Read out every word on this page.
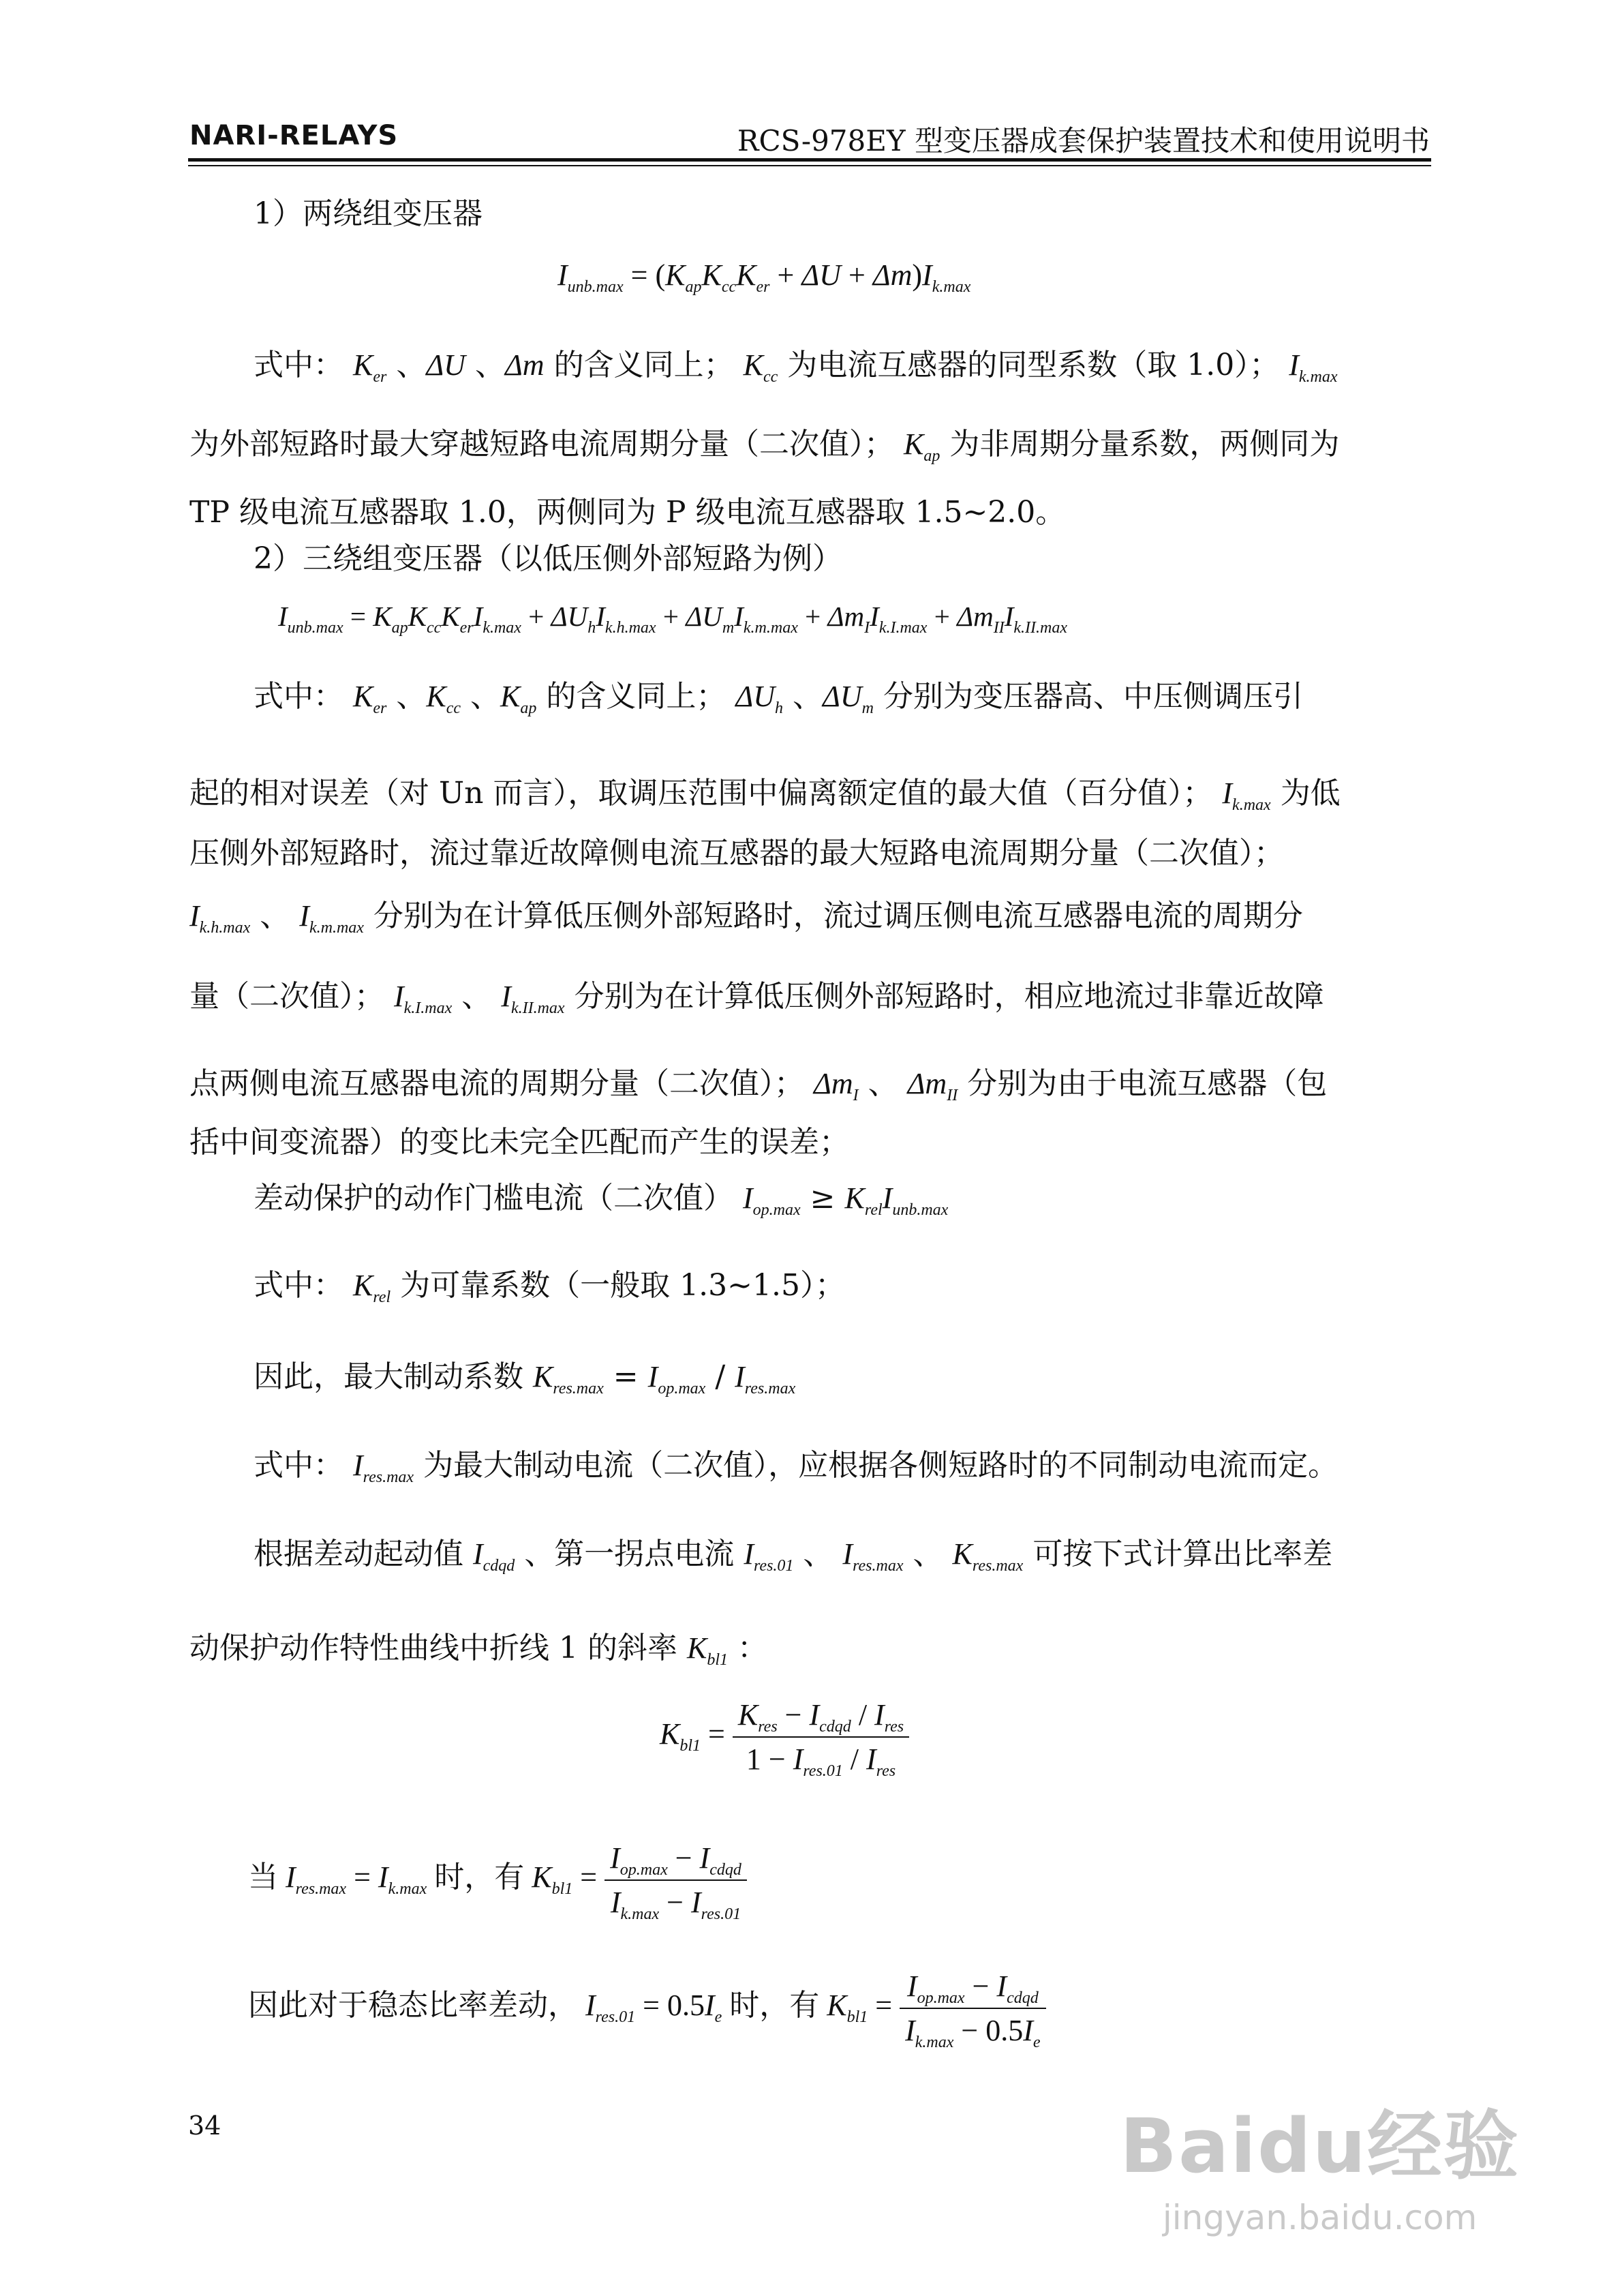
NARI-RELAYS	RCS-978EY 型变压器成套保护装置技术和使用说明书
1）两绕组变压器
$I_{unb.max} = (K_{ap}K_{cc}K_{er} + \Delta U + \Delta m)I_{k.max}$
式中： $K_{er}$ 、ΔU 、Δm 的含义同上； $K_{cc}$ 为电流互感器的同型系数（取 1.0）； $I_{k.max}$
为外部短路时最大穿越短路电流周期分量（二次值）； $K_{ap}$ 为非周期分量系数，两侧同为
TP 级电流互感器取 1.0，两侧同为 P 级电流互感器取 1.5~2.0。
2）三绕组变压器（以低压侧外部短路为例）
$I_{unb.max} = K_{ap}K_{cc}K_{er}I_{k.max} + \Delta U_hI_{k.h.max} + \Delta U_mI_{k.m.max} + \Delta m_II_{k.I.max} + \Delta m_{II}I_{k.II.max}$
式中： $K_{er}$ 、$K_{cc}$ 、$K_{ap}$ 的含义同上； $\Delta U_h$ 、$\Delta U_m$ 分别为变压器高、中压侧调压引
起的相对误差（对 Un 而言），取调压范围中偏离额定值的最大值（百分值）； $I_{k.max}$ 为低
压侧外部短路时，流过靠近故障侧电流互感器的最大短路电流周期分量（二次值）；
$I_{k.h.max}$ 、 $I_{k.m.max}$ 分别为在计算低压侧外部短路时，流过调压侧电流互感器电流的周期分
量（二次值）； $I_{k.I.max}$ 、 $I_{k.II.max}$ 分别为在计算低压侧外部短路时，相应地流过非靠近故障
点两侧电流互感器电流的周期分量（二次值）； $\Delta m_I$ 、 $\Delta m_{II}$ 分别为由于电流互感器（包
括中间变流器）的变比未完全匹配而产生的误差；
差动保护的动作门槛电流（二次值） $I_{op.max} \ge K_{rel}I_{unb.max}$
式中： $K_{rel}$ 为可靠系数（一般取 1.3~1.5）；
因此，最大制动系数 $K_{res.max} = I_{op.max} / I_{res.max}$
式中： $I_{res.max}$ 为最大制动电流（二次值），应根据各侧短路时的不同制动电流而定。
根据差动起动值 $I_{cdqd}$ 、第一拐点电流 $I_{res.01}$ 、 $I_{res.max}$ 、 $K_{res.max}$ 可按下式计算出比率差
动保护动作特性曲线中折线 1 的斜率 $K_{bl1}$ ：
$K_{bl1} = \frac{K_{res} - I_{cdqd} / I_{res}}{1 - I_{res.01} / I_{res}}$
当 $I_{res.max} = I_{k.max}$ 时，有 $K_{bl1} = \frac{I_{op.max} - I_{cdqd}}{I_{k.max} - I_{res.01}}$
因此对于稳态比率差动， $I_{res.01} = 0.5I_e$ 时，有 $K_{bl1} = \frac{I_{op.max} - I_{cdqd}}{I_{k.max} - 0.5I_e}$
34	Baidu经验
jingyan.baidu.com
